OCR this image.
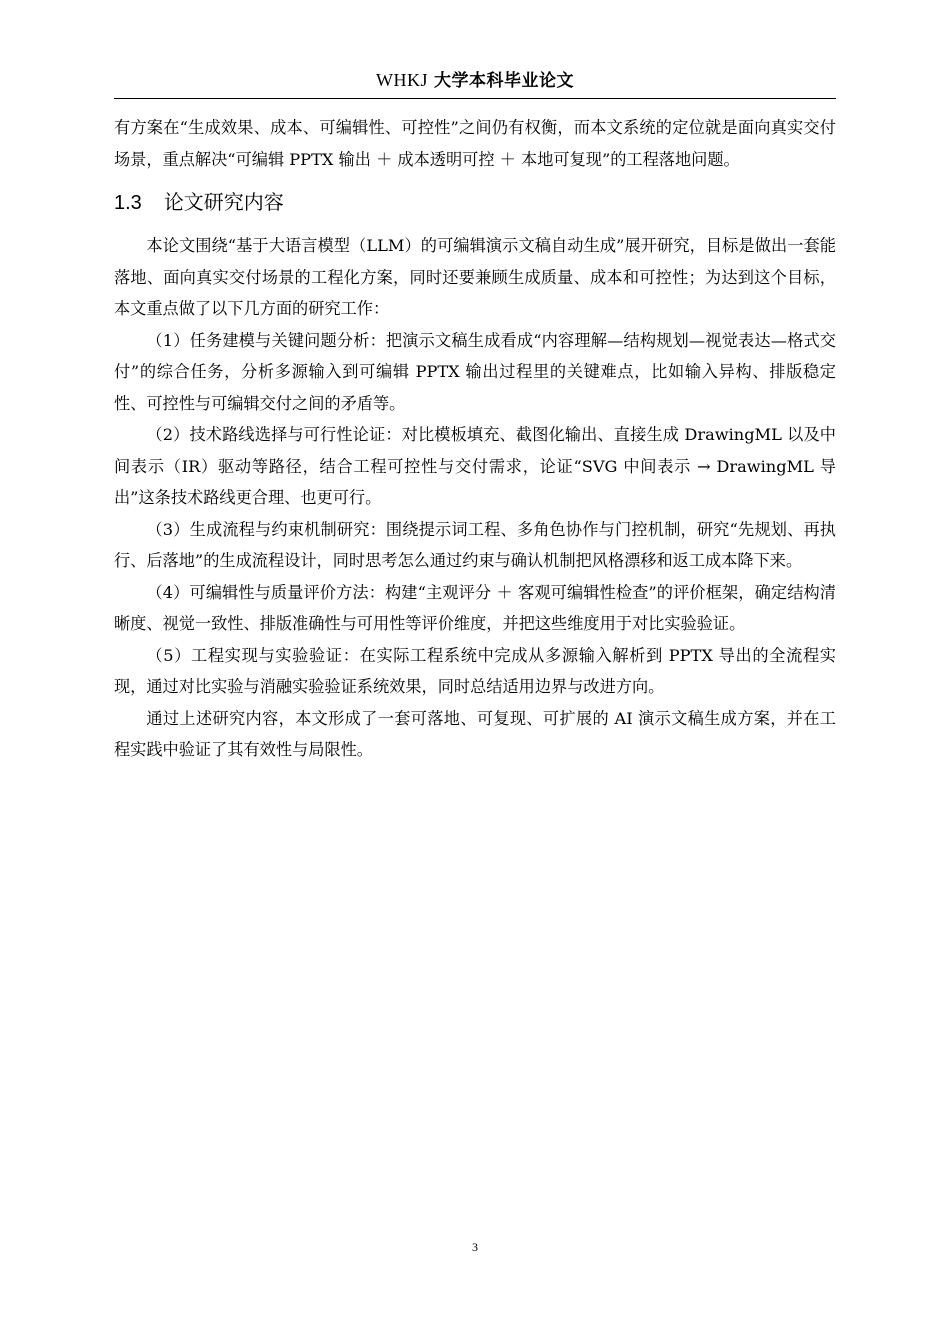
WHKJ 大学本科毕业论文

有方案在“生成效果、成本、可编辑性、可控性”之间仍有权衡，而本文系统的定位就是面向真实交付场景，重点解决“可编辑 PPTX 输出 ＋ 成本透明可控 ＋ 本地可复现”的工程落地问题。

1.3 论文研究内容

本论文围绕“基于大语言模型（LLM）的可编辑演示文稿自动生成”展开研究，目标是做出一套能落地、面向真实交付场景的工程化方案，同时还要兼顾生成质量、成本和可控性；为达到这个目标，本文重点做了以下几方面的研究工作：

（1）任务建模与关键问题分析：把演示文稿生成看成“内容理解—结构规划—视觉表达—格式交付”的综合任务，分析多源输入到可编辑 PPTX 输出过程里的关键难点，比如输入异构、排版稳定性、可控性与可编辑交付之间的矛盾等。

（2）技术路线选择与可行性论证：对比模板填充、截图化输出、直接生成 DrawingML 以及中间表示（IR）驱动等路径，结合工程可控性与交付需求，论证“SVG 中间表示 → DrawingML 导出”这条技术路线更合理、也更可行。

（3）生成流程与约束机制研究：围绕提示词工程、多角色协作与门控机制，研究“先规划、再执行、后落地”的生成流程设计，同时思考怎么通过约束与确认机制把风格漂移和返工成本降下来。

（4）可编辑性与质量评价方法：构建“主观评分 ＋ 客观可编辑性检查”的评价框架，确定结构清晰度、视觉一致性、排版准确性与可用性等评价维度，并把这些维度用于对比实验验证。

（5）工程实现与实验验证：在实际工程系统中完成从多源输入解析到 PPTX 导出的全流程实现，通过对比实验与消融实验验证系统效果，同时总结适用边界与改进方向。

通过上述研究内容，本文形成了一套可落地、可复现、可扩展的 AI 演示文稿生成方案，并在工程实践中验证了其有效性与局限性。

3
